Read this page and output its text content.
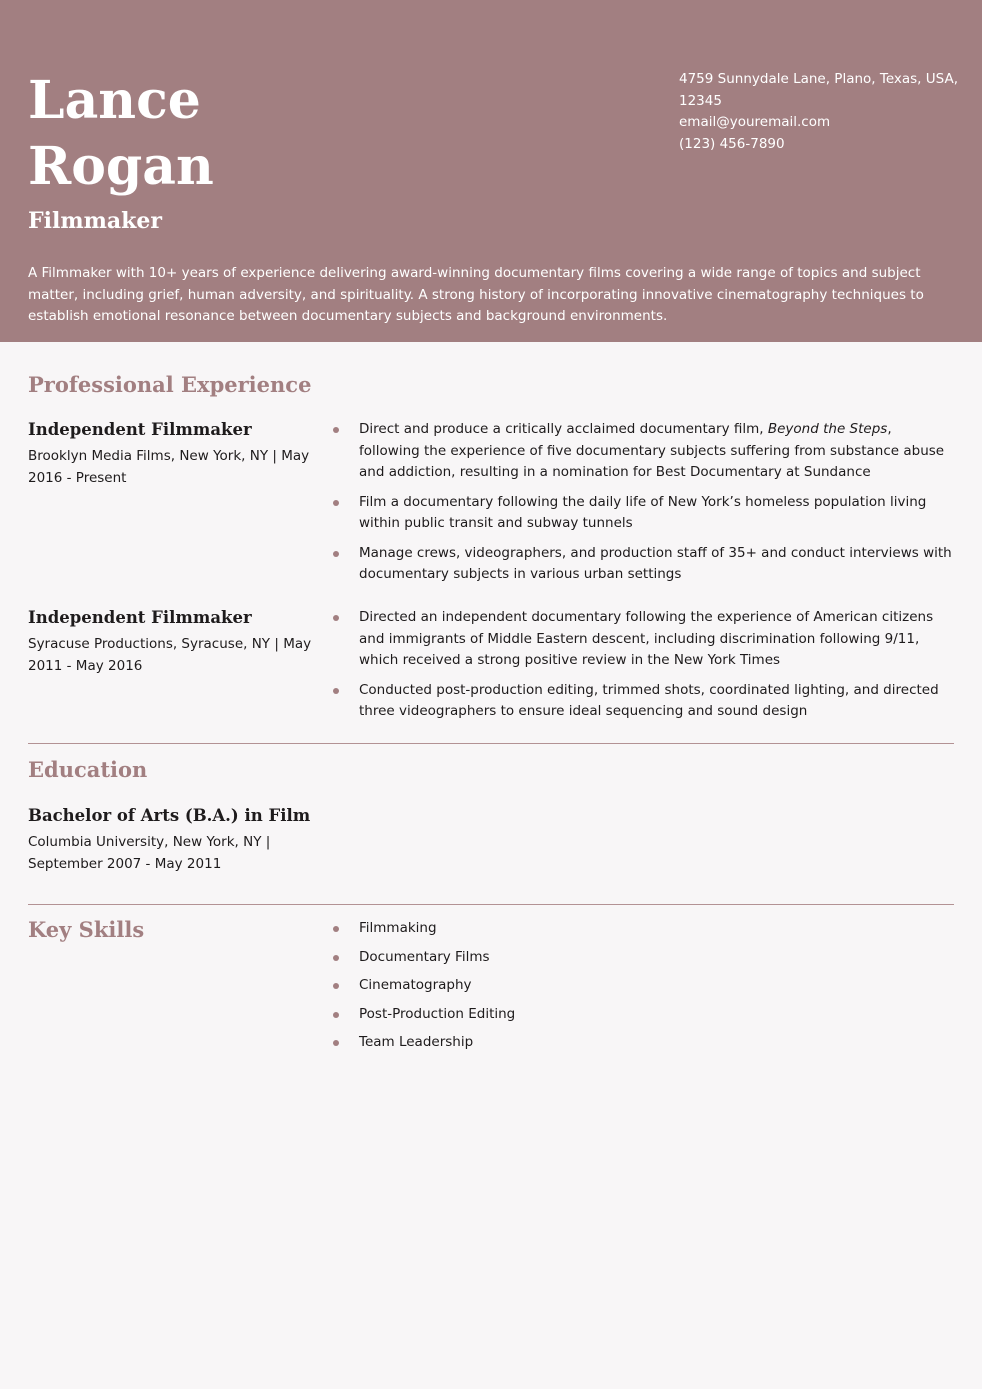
Lance
Rogan
Filmmaker
4759 Sunnydale Lane, Plano, Texas, USA,
12345
email@youremail.com
(123) 456-7890

A Filmmaker with 10+ years of experience delivering award-winning documentary films covering a wide range of topics and subject matter, including grief, human adversity, and spirituality. A strong history of incorporating innovative cinematography techniques to establish emotional resonance between documentary subjects and background environments.

Professional Experience
Independent Filmmaker
Brooklyn Media Films, New York, NY | May 2016 - Present
Direct and produce a critically acclaimed documentary film, Beyond the Steps, following the experience of five documentary subjects suffering from substance abuse and addiction, resulting in a nomination for Best Documentary at Sundance
Film a documentary following the daily life of New York’s homeless population living within public transit and subway tunnels
Manage crews, videographers, and production staff of 35+ and conduct interviews with documentary subjects in various urban settings
Independent Filmmaker
Syracuse Productions, Syracuse, NY | May 2011 - May 2016
Directed an independent documentary following the experience of American citizens and immigrants of Middle Eastern descent, including discrimination following 9/11, which received a strong positive review in the New York Times
Conducted post-production editing, trimmed shots, coordinated lighting, and directed three videographers to ensure ideal sequencing and sound design
Education
Bachelor of Arts (B.A.) in Film
Columbia University, New York, NY | September 2007 - May 2011
Key Skills	Filmmaking
Documentary Films
Cinematography
Post-Production Editing
Team Leadership
